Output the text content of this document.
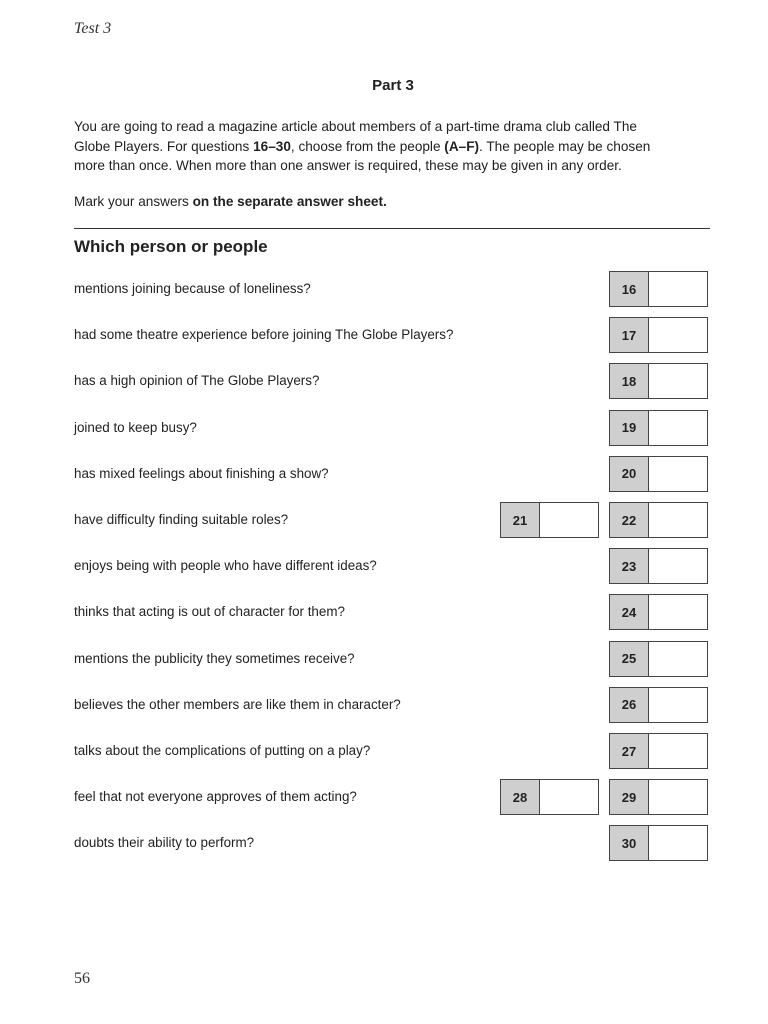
Test 3
Part 3

You are going to read a magazine article about members of a part-time drama club called The

Globe Players. For questions 16–30, choose from the people (A–F). The people may be chosen

more than once. When more than one answer is required, these may be given in any order.

Mark your answers on the separate answer sheet.
Which person or people
mentions joining because of loneliness?	16
had some theatre experience before joining The Globe Players?	17
has a high opinion of The Globe Players?	18
joined to keep busy?	19
has mixed feelings about finishing a show?	20
have difficulty finding suitable roles?	21	22
enjoys being with people who have different ideas?	23
thinks that acting is out of character for them?	24
mentions the publicity they sometimes receive?	25
believes the other members are like them in character?	26
talks about the complications of putting on a play?	27
feel that not everyone approves of them acting?	28	29
doubts their ability to perform?	30
56
